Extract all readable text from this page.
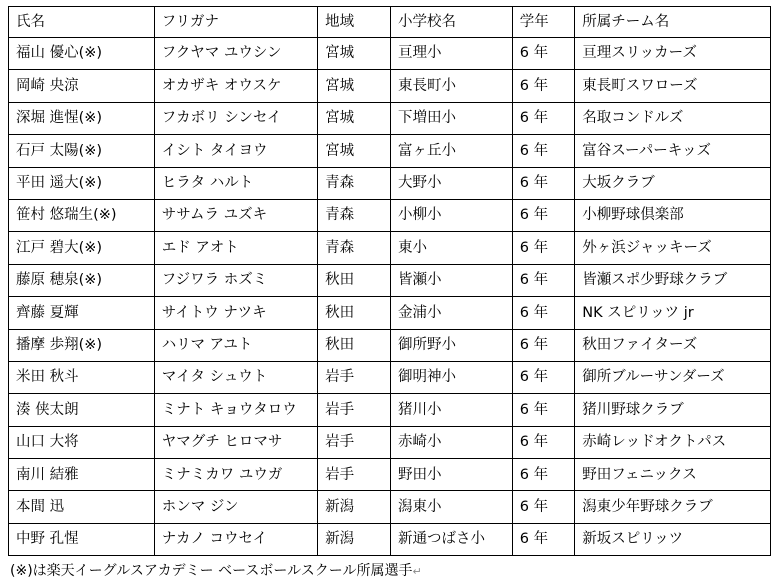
氏名	フリガナ	地域	小学校名	学年	所属チーム名
福山 優心(※)	フクヤマ ユウシン	宮城	亘理小	6 年	亘理スリッカーズ
岡崎 央涼	オカザキ オウスケ	宮城	東長町小	6 年	東長町スワローズ
深堀 進惺(※)	フカボリ シンセイ	宮城	下増田小	6 年	名取コンドルズ
石戸 太陽(※)	イシト タイヨウ	宮城	富ヶ丘小	6 年	富谷スーパーキッズ
平田 遥大(※)	ヒラタ ハルト	青森	大野小	6 年	大坂クラブ
笹村 悠瑞生(※)	ササムラ ユズキ	青森	小柳小	6 年	小柳野球倶楽部
江戸 碧大(※)	エド アオト	青森	東小	6 年	外ヶ浜ジャッキーズ
藤原 穂泉(※)	フジワラ ホズミ	秋田	皆瀬小	6 年	皆瀬スポ少野球クラブ
齊藤 夏輝	サイトウ ナツキ	秋田	金浦小	6 年	NK スピリッツ jr
播摩 歩翔(※)	ハリマ アユト	秋田	御所野小	6 年	秋田ファイターズ
米田 秋斗	マイタ シュウト	岩手	御明神小	6 年	御所ブルーサンダーズ
湊 侠太朗	ミナト キョウタロウ	岩手	猪川小	6 年	猪川野球クラブ
山口 大将	ヤマグチ ヒロマサ	岩手	赤崎小	6 年	赤崎レッドオクトパス
南川 結雅	ミナミカワ ユウガ	岩手	野田小	6 年	野田フェニックス
本間 迅	ホンマ ジン	新潟	潟東小	6 年	潟東少年野球クラブ
中野 孔惺	ナカノ コウセイ	新潟	新通つばさ小	6 年	新坂スピリッツ
(※)は楽天イーグルスアカデミー ベースボールスクール所属選手↵
